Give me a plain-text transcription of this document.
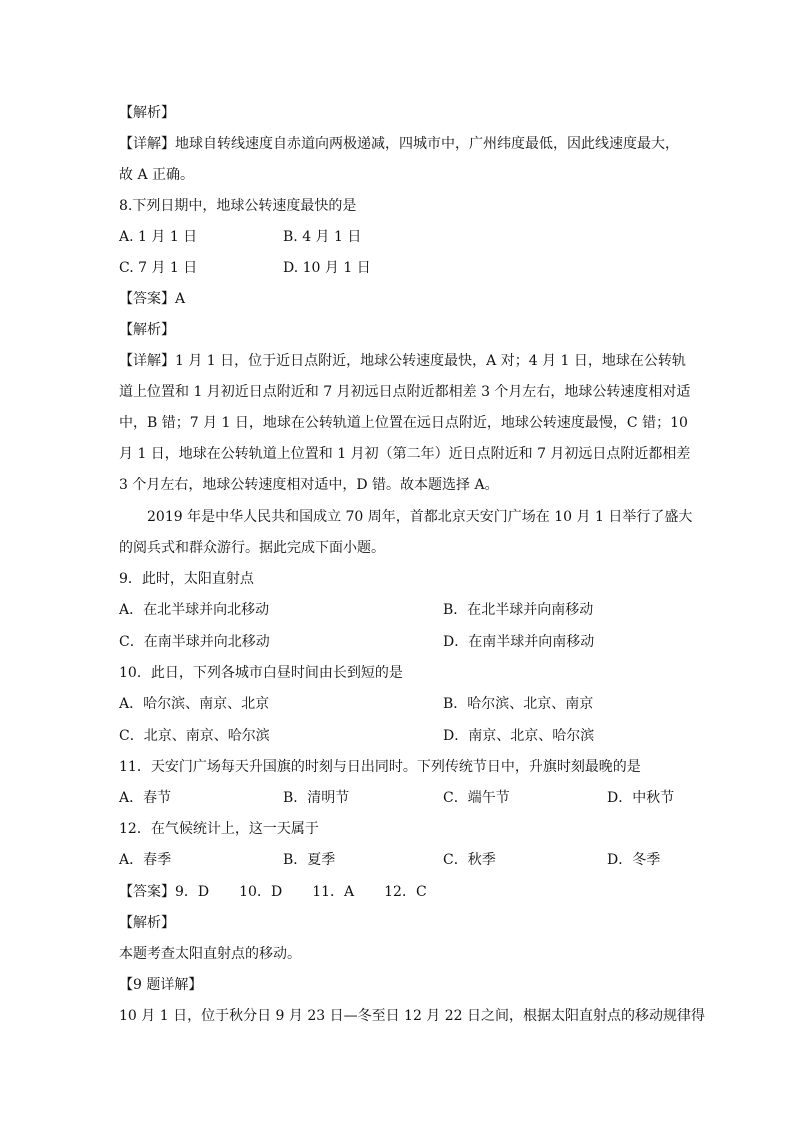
【解析】
【详解】地球自转线速度自赤道向两极递减，四城市中，广州纬度最低，因此线速度最大，
故 A 正确。
8.下列日期中，地球公转速度最快的是
A. 1 月 1 日	B. 4 月 1 日
C. 7 月 1 日	D. 10 月 1 日
【答案】A
【解析】
【详解】1 月 1 日，位于近日点附近，地球公转速度最快，A 对；4 月 1 日，地球在公转轨
道上位置和 1 月初近日点附近和 7 月初远日点附近都相差 3 个月左右，地球公转速度相对适
中，B 错；7 月 1 日，地球在公转轨道上位置在远日点附近，地球公转速度最慢，C 错；10
月 1 日，地球在公转轨道上位置和 1 月初（第二年）近日点附近和 7 月初远日点附近都相差
3 个月左右，地球公转速度相对适中，D 错。故本题选择 A。
2019 年是中华人民共和国成立 70 周年，首都北京天安门广场在 10 月 1 日举行了盛大
的阅兵式和群众游行。据此完成下面小题。
9．此时，太阳直射点
A．在北半球并向北移动	B．在北半球并向南移动
C．在南半球并向北移动	D．在南半球并向南移动
10．此日，下列各城市白昼时间由长到短的是
A．哈尔滨、南京、北京	B．哈尔滨、北京、南京
C．北京、南京、哈尔滨	D．南京、北京、哈尔滨
11．天安门广场每天升国旗的时刻与日出同时。下列传统节日中，升旗时刻最晚的是
A．春节	B．清明节	C．端午节	D．中秋节
12．在气候统计上，这一天属于
A．春季	B．夏季	C．秋季	D．冬季
【答案】9．D 10．D 11．A 12．C
【解析】
本题考查太阳直射点的移动。
【9 题详解】
10 月 1 日，位于秋分日 9 月 23 日—冬至日 12 月 22 日之间，根据太阳直射点的移动规律得
